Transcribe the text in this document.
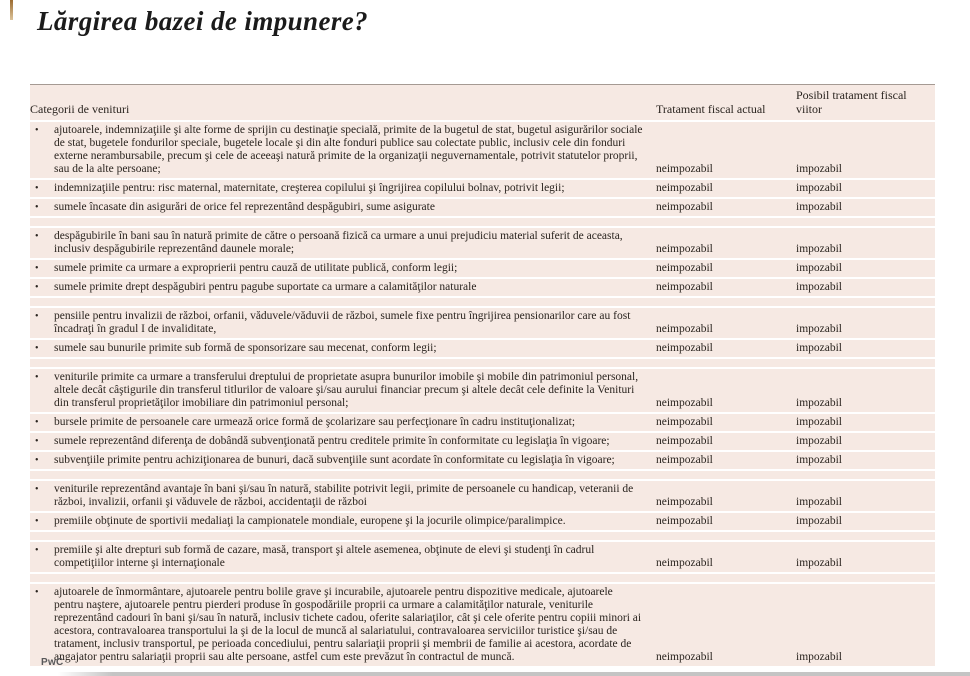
Lărgirea bazei de impunere?
Categorii de venituri	Tratament fiscal actual	Posibil tratament fiscal viitor

• ajutoarele, indemnizaţiile şi alte forme de sprijin cu destinaţie specială, primite de la bugetul de stat, bugetul asigurărilor sociale de stat, bugetele fondurilor speciale, bugetele locale şi din alte fonduri publice sau colectate public, inclusiv cele din fonduri externe nerambursabile, precum şi cele de aceeaşi natură primite de la organizaţii neguvernamentale, potrivit statutelor proprii, sau de la alte persoane;	neimpozabil	impozabil

• indemnizaţiile pentru: risc maternal, maternitate, creşterea copilului şi îngrijirea copilului bolnav, potrivit legii;	neimpozabil	impozabil

• sumele încasate din asigurări de orice fel reprezentând despăgubiri, sume asigurate	neimpozabil	impozabil

• despăgubirile în bani sau în natură primite de către o persoană fizică ca urmare a unui prejudiciu material suferit de aceasta, inclusiv despăgubirile reprezentând daunele morale;	neimpozabil	impozabil

• sumele primite ca urmare a exproprierii pentru cauză de utilitate publică, conform legii;	neimpozabil	impozabil

• sumele primite drept despăgubiri pentru pagube suportate ca urmare a calamităţilor naturale	neimpozabil	impozabil

• pensiile pentru invalizii de război, orfanii, văduvele/văduvii de război, sumele fixe pentru îngrijirea pensionarilor care au fost încadraţi în gradul I de invaliditate,	neimpozabil	impozabil

• sumele sau bunurile primite sub formă de sponsorizare sau mecenat, conform legii;	neimpozabil	impozabil

• veniturile primite ca urmare a transferului dreptului de proprietate asupra bunurilor imobile şi mobile din patrimoniul personal, altele decât câştigurile din transferul titlurilor de valoare şi/sau aurului financiar precum şi altele decât cele definite la Venituri din transferul proprietăţilor imobiliare din patrimoniul personal;	neimpozabil	impozabil

• bursele primite de persoanele care urmează orice formă de şcolarizare sau perfecţionare în cadru instituţionalizat;	neimpozabil	impozabil

• sumele reprezentând diferenţa de dobândă subvenţionată pentru creditele primite în conformitate cu legislaţia în vigoare;	neimpozabil	impozabil

• subvenţiile primite pentru achiziţionarea de bunuri, dacă subvenţiile sunt acordate în conformitate cu legislaţia în vigoare;	neimpozabil	impozabil

• veniturile reprezentând avantaje în bani şi/sau în natură, stabilite potrivit legii, primite de persoanele cu handicap, veteranii de război, invalizii, orfanii şi văduvele de război, accidentaţii de război	neimpozabil	impozabil

• premiile obţinute de sportivii medaliaţi la campionatele mondiale, europene şi la jocurile olimpice/paralimpice.	neimpozabil	impozabil

• premiile şi alte drepturi sub formă de cazare, masă, transport şi altele asemenea, obţinute de elevi şi studenţi în cadrul competiţiilor interne şi internaţionale	neimpozabil	impozabil

• ajutoarele de înmormântare, ajutoarele pentru bolile grave şi incurabile, ajutoarele pentru dispozitive medicale, ajutoarele pentru naştere, ajutoarele pentru pierderi produse în gospodăriile proprii ca urmare a calamităţilor naturale, veniturile reprezentând cadouri în bani şi/sau în natură, inclusiv tichete cadou, oferite salariaţilor, cât şi cele oferite pentru copiii minori ai acestora, contravaloarea transportului la şi de la locul de muncă al salariatului, contravaloarea serviciilor turistice şi/sau de tratament, inclusiv transportul, pe perioada concediului, pentru salariaţii proprii şi membrii de familie ai acestora, acordate de angajator pentru salariaţii proprii sau alte persoane, astfel cum este prevăzut în contractul de muncă.	neimpozabil	impozabil
PwC
